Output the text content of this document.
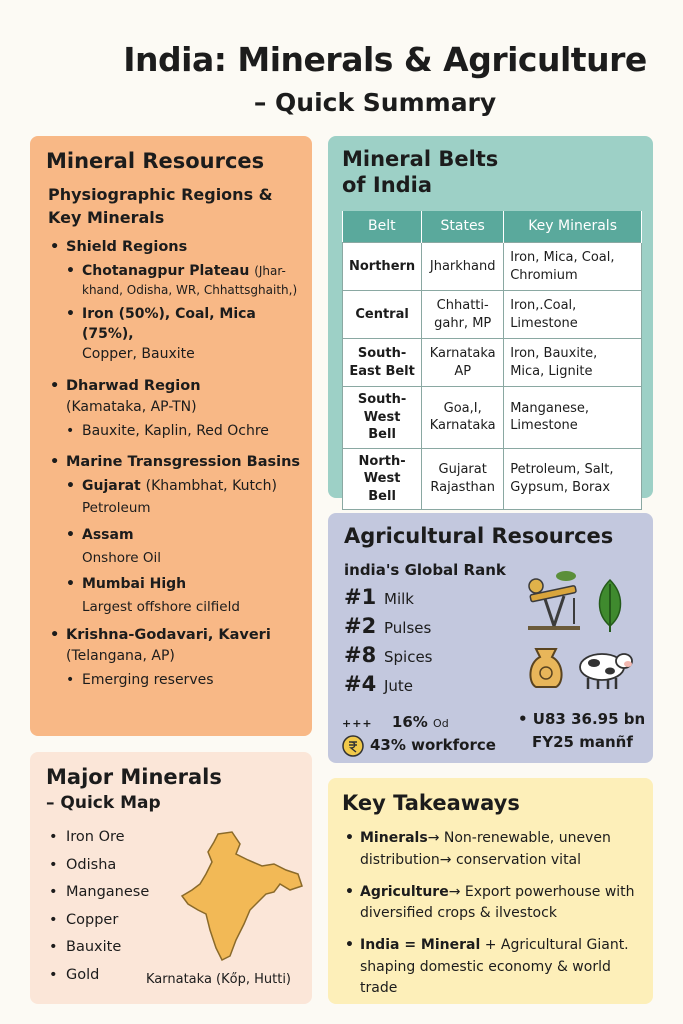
India: Minerals & Agriculture
– Quick Summary
Mineral Resources
Physiographic Regions & Key Minerals
• Shield Regions
• Chotanagpur Plateau (Jhar-
khand, Odisha, WR, Chhattsghaith,)
• Iron (50%), Coal, Mica (75%),
Copper, Bauxite
• Dharwad Region
(Kamataka, AP-TN)
• Bauxite, Kaplin, Red Ochre
• Marine Transgression Basins
• Gujarat (Khambhat, Kutch)
Petroleum
• Assam
Onshore Oil
• Mumbai High
Largest offshore cilfield
• Krishna-Godavari, Kaveri
(Telangana, AP)
• Emerging reserves
Mineral Belts
of India
Belt	States	Key Minerals
Northern	Jharkhand	Iron, Mica, Coal, Chromium
Central	Chhatti-gahr, MP	Iron,.Coal, Limestone
South-East Belt	Karnataka AP	Iron, Bauxite, Mica, Lignite
South-West Bell	Goa,I, Karnataka	Manganese, Limestone
North-West Bell	Gujarat Rajasthan	Petroleum, Salt, Gypsum, Borax
Agricultural Resources
india's Global Rank
#1 Milk
#2 Pulses
#8 Spices
#4 Jute
+++ 16% Od
43% workforce
• U83 36.95 bn
FY25 manñf
Major Minerals
– Quick Map
• Iron Ore
• Odisha
• Manganese
• Copper
• Bauxite
• Gold	Karnataka (Kőp, Hutti)
Key Takeaways
• Minerals→ Non-renewable, uneven distribution→ conservation vital
• Agriculture→ Export powerhouse with diversified crops & ilvestock
• India = Mineral + Agricultural Giant. shaping domestic economy & world trade
